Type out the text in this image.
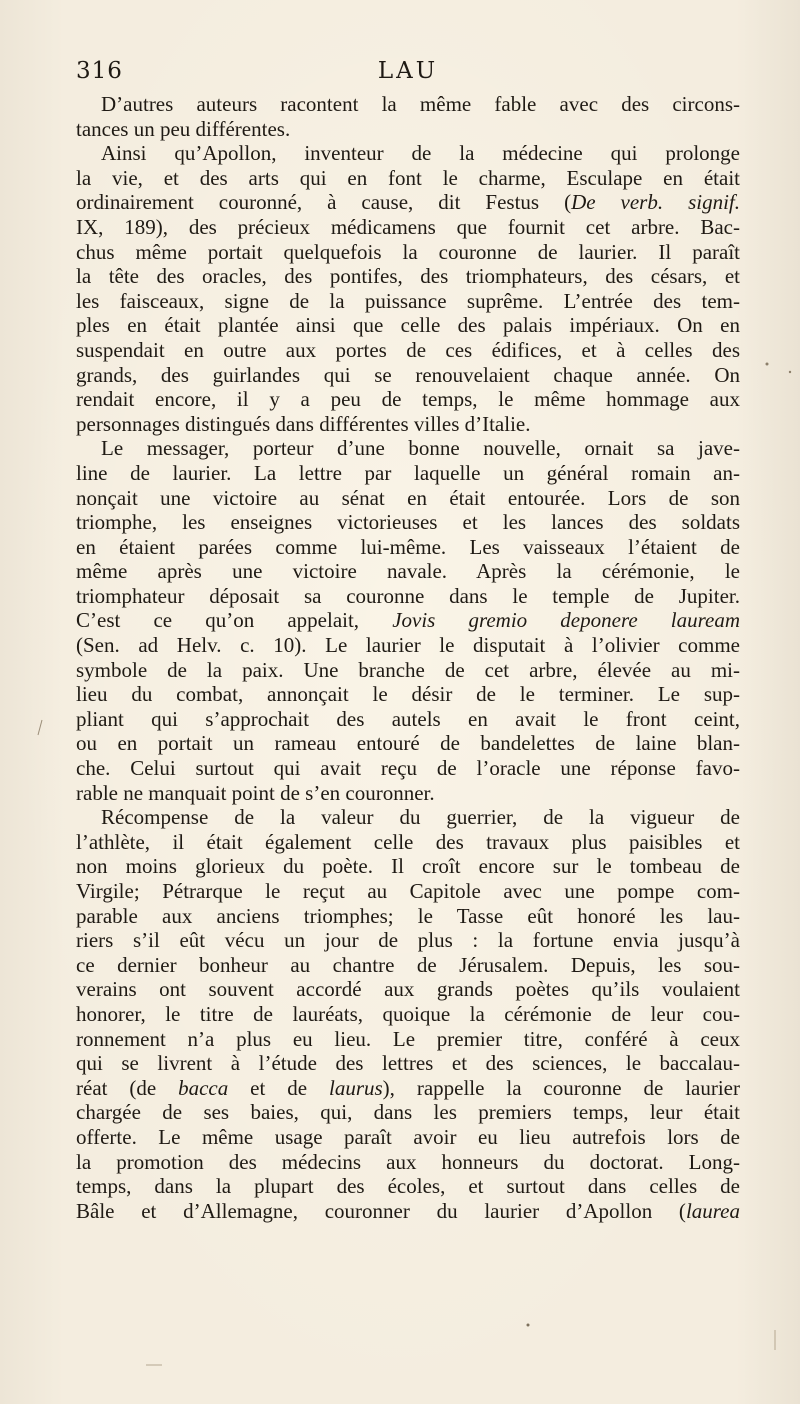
316	LAU
D’autres auteurs racontent la même fable avec des circons-
tances un peu différentes.
Ainsi qu’Apollon, inventeur de la médecine qui prolonge
la vie, et des arts qui en font le charme, Esculape en était
ordinairement couronné, à cause, dit Festus (De verb. signif.
IX, 189), des précieux médicamens que fournit cet arbre. Bac-
chus même portait quelquefois la couronne de laurier. Il paraît
la tête des oracles, des pontifes, des triomphateurs, des césars, et
les faisceaux, signe de la puissance suprême. L’entrée des tem-
ples en était plantée ainsi que celle des palais impériaux. On en
suspendait en outre aux portes de ces édifices, et à celles des
grands, des guirlandes qui se renouvelaient chaque année. On
rendait encore, il y a peu de temps, le même hommage aux
personnages distingués dans différentes villes d’Italie.
Le messager, porteur d’une bonne nouvelle, ornait sa jave-
line de laurier. La lettre par laquelle un général romain an-
nonçait une victoire au sénat en était entourée. Lors de son
triomphe, les enseignes victorieuses et les lances des soldats
en étaient parées comme lui-même. Les vaisseaux l’étaient de
même après une victoire navale. Après la cérémonie, le
triomphateur déposait sa couronne dans le temple de Jupiter.
C’est ce qu’on appelait, Jovis gremio deponere lauream
(Sen. ad Helv. c. 10). Le laurier le disputait à l’olivier comme
symbole de la paix. Une branche de cet arbre, élevée au mi-
lieu du combat, annonçait le désir de le terminer. Le sup-
pliant qui s’approchait des autels en avait le front ceint,
ou en portait un rameau entouré de bandelettes de laine blan-
che. Celui surtout qui avait reçu de l’oracle une réponse favo-
rable ne manquait point de s’en couronner.
Récompense de la valeur du guerrier, de la vigueur de
l’athlète, il était également celle des travaux plus paisibles et
non moins glorieux du poète. Il croît encore sur le tombeau de
Virgile; Pétrarque le reçut au Capitole avec une pompe com-
parable aux anciens triomphes; le Tasse eût honoré les lau-
riers s’il eût vécu un jour de plus : la fortune envia jusqu’à
ce dernier bonheur au chantre de Jérusalem. Depuis, les sou-
verains ont souvent accordé aux grands poètes qu’ils voulaient
honorer, le titre de lauréats, quoique la cérémonie de leur cou-
ronnement n’a plus eu lieu. Le premier titre, conféré à ceux
qui se livrent à l’étude des lettres et des sciences, le baccalau-
réat (de bacca et de laurus), rappelle la couronne de laurier
chargée de ses baies, qui, dans les premiers temps, leur était
offerte. Le même usage paraît avoir eu lieu autrefois lors de
la promotion des médecins aux honneurs du doctorat. Long-
temps, dans la plupart des écoles, et surtout dans celles de
Bâle et d’Allemagne, couronner du laurier d’Apollon (laurea
